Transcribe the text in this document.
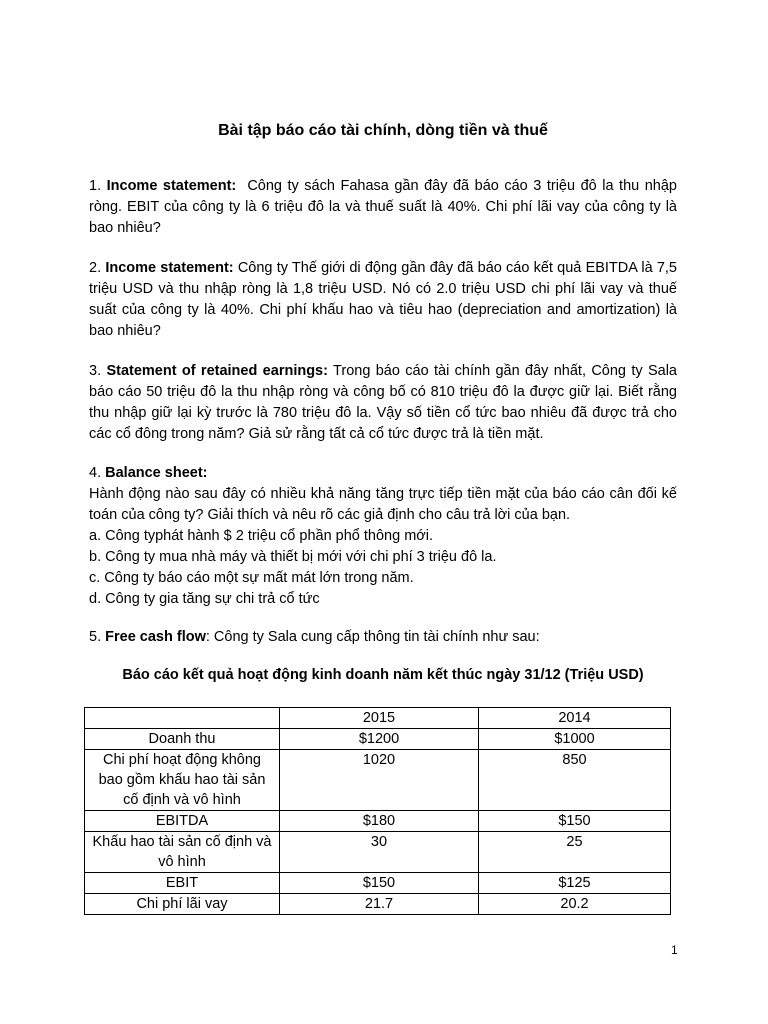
Bài tập báo cáo tài chính, dòng tiền và thuế

1. Income statement: Công ty sách Fahasa gần đây đã báo cáo 3 triệu đô la thu nhập ròng. EBIT của công ty là 6 triệu đô la và thuế suất là 40%. Chi phí lãi vay của công ty là bao nhiêu?

2. Income statement: Công ty Thế giới di động gần đây đã báo cáo kết quả EBITDA là 7,5 triệu USD và thu nhập ròng là 1,8 triệu USD. Nó có 2.0 triệu USD chi phí lãi vay và thuế suất của công ty là 40%. Chi phí khấu hao và tiêu hao (depreciation and amortization) là bao nhiêu?

3. Statement of retained earnings: Trong báo cáo tài chính gần đây nhất, Công ty Sala báo cáo 50 triệu đô la thu nhập ròng và công bố có 810 triệu đô la được giữ lại. Biết rằng thu nhập giữ lại kỳ trước là 780 triệu đô la. Vậy số tiền cổ tức bao nhiêu đã được trả cho các cổ đông trong năm? Giả sử rằng tất cả cổ tức được trả là tiền mặt.

4. Balance sheet:

Hành động nào sau đây có nhiều khả năng tăng trực tiếp tiền mặt của báo cáo cân đối kế toán của công ty? Giải thích và nêu rõ các giả định cho câu trả lời của bạn.

a. Công typhát hành $ 2 triệu cổ phần phổ thông mới.

b. Công ty mua nhà máy và thiết bị mới với chi phí 3 triệu đô la.

c. Công ty báo cáo một sự mất mát lớn trong năm.

d. Công ty gia tăng sự chi trả cổ tức

5. Free cash flow: Công ty Sala cung cấp thông tin tài chính như sau:

Báo cáo kết quả hoạt động kinh doanh năm kết thúc ngày 31/12 (Triệu USD)
	2015	2014
Doanh thu	$1200	$1000
Chi phí hoạt động không bao gồm khấu hao tài sản cố định và vô hình	1020	850
EBITDA	$180	$150
Khấu hao tài sản cố định và vô hình	30	25
EBIT	$150	$125
Chi phí lãi vay	21.7	20.2
1
